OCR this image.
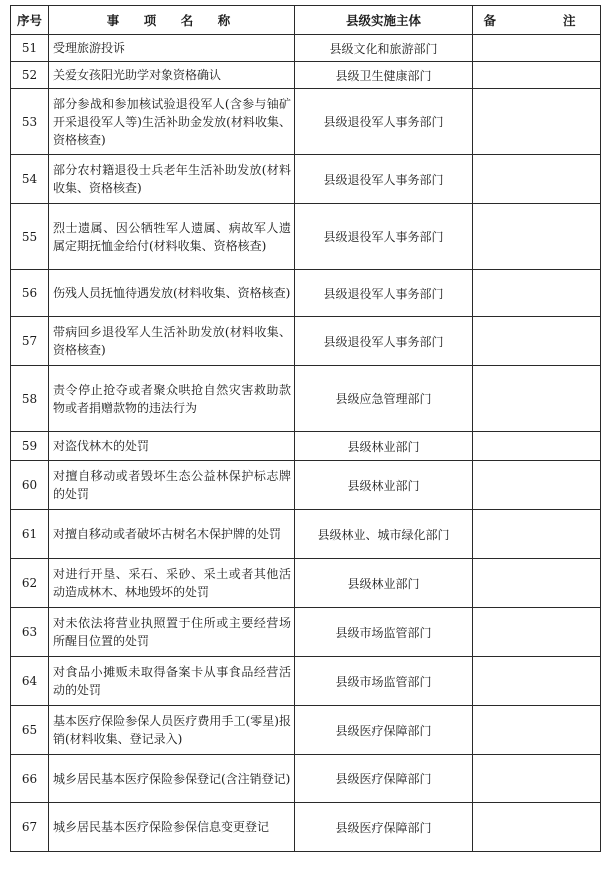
序号	事　项　名　称	县级实施主体	备　　注
51	受理旅游投诉	县级文化和旅游部门	
52	关爱女孩阳光助学对象资格确认	县级卫生健康部门	
53	部分参战和参加核试验退役军人(含参与铀矿开采退役军人等)生活补助金发放(材料收集、资格核查)	县级退役军人事务部门	
54	部分农村籍退役士兵老年生活补助发放(材料收集、资格核查)	县级退役军人事务部门	
55	烈士遗属、因公牺牲军人遗属、病故军人遗属定期抚恤金给付(材料收集、资格核查)	县级退役军人事务部门	
56	伤残人员抚恤待遇发放(材料收集、资格核查)	县级退役军人事务部门	
57	带病回乡退役军人生活补助发放(材料收集、资格核查)	县级退役军人事务部门	
58	责令停止抢夺或者聚众哄抢自然灾害救助款物或者捐赠款物的违法行为	县级应急管理部门	
59	对盗伐林木的处罚	县级林业部门	
60	对擅自移动或者毁坏生态公益林保护标志牌的处罚	县级林业部门	
61	对擅自移动或者破坏古树名木保护牌的处罚	县级林业、城市绿化部门	
62	对进行开垦、采石、采砂、采土或者其他活动造成林木、林地毁坏的处罚	县级林业部门	
63	对未依法将营业执照置于住所或主要经营场所醒目位置的处罚	县级市场监管部门	
64	对食品小摊贩未取得备案卡从事食品经营活动的处罚	县级市场监管部门	
65	基本医疗保险参保人员医疗费用手工(零星)报销(材料收集、登记录入)	县级医疗保障部门	
66	城乡居民基本医疗保险参保登记(含注销登记)	县级医疗保障部门	
67	城乡居民基本医疗保险参保信息变更登记	县级医疗保障部门	
